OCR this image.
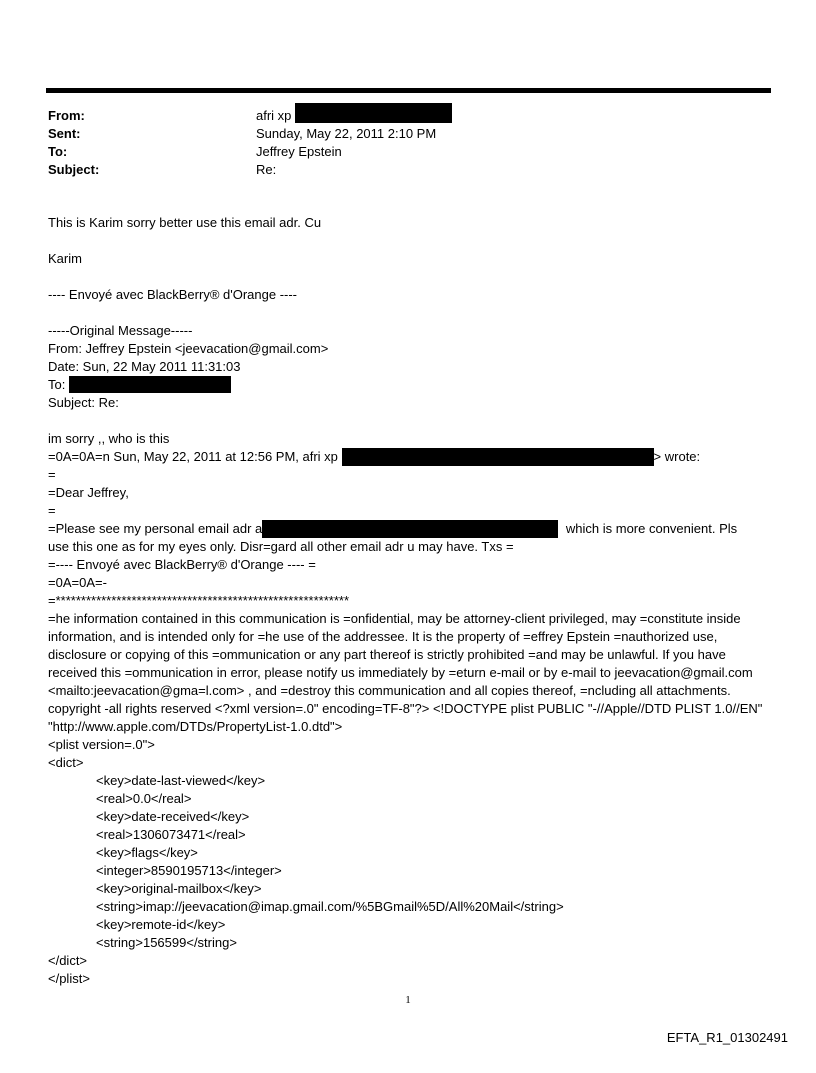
From:	afri xp
Sent:	Sunday, May 22, 2011 2:10 PM
To:	Jeffrey Epstein
Subject:	Re:
This is Karim sorry better use this email adr. Cu
Karim
---- Envoyé avec BlackBerry® d'Orange ----
-----Original Message-----
From: Jeffrey Epstein <jeevacation@gmail.com>
Date: Sun, 22 May 2011 11:31:03
To:
Subject: Re:
im sorry ,, who is this
=0A=0A=n Sun, May 22, 2011 at 12:56 PM, afri xp	> wrote:
=
=Dear Jeffrey,
=
=Please see my personal email adr a	which is more convenient. Pls
use this one as for my eyes only. Disr=gard all other email adr u may have. Txs =
=---- Envoyé avec BlackBerry® d'Orange ---- =
=0A=0A=-
=**********************************************************
=he information contained in this communication is =onfidential, may be attorney-client privileged, may =constitute inside information, and is intended only for =he use of the addressee. It is the property of =effrey Epstein =nauthorized use, disclosure or copying of this =ommunication or any part thereof is strictly prohibited =and may be unlawful. If you have received this =ommunication in error, please notify us immediately by =eturn e-mail or by e-mail to jeevacation@gmail.com <mailto:jeevacation@gma=l.com> , and =destroy this communication and all copies thereof, =ncluding all attachments. copyright -all rights reserved <?xml version=.0" encoding=TF-8"?> <!DOCTYPE plist PUBLIC "-//Apple//DTD PLIST 1.0//EN" "http://www.apple.com/DTDs/PropertyList-1.0.dtd">
<plist version=.0">
<dict>
<key>date-last-viewed</key>
<real>0.0</real>
<key>date-received</key>
<real>1306073471</real>
<key>flags</key>
<integer>8590195713</integer>
<key>original-mailbox</key>
<string>imap://jeevacation@imap.gmail.com/%5BGmail%5D/All%20Mail</string>
<key>remote-id</key>
<string>156599</string>
</dict>
</plist>
1
EFTA_R1_01302491
